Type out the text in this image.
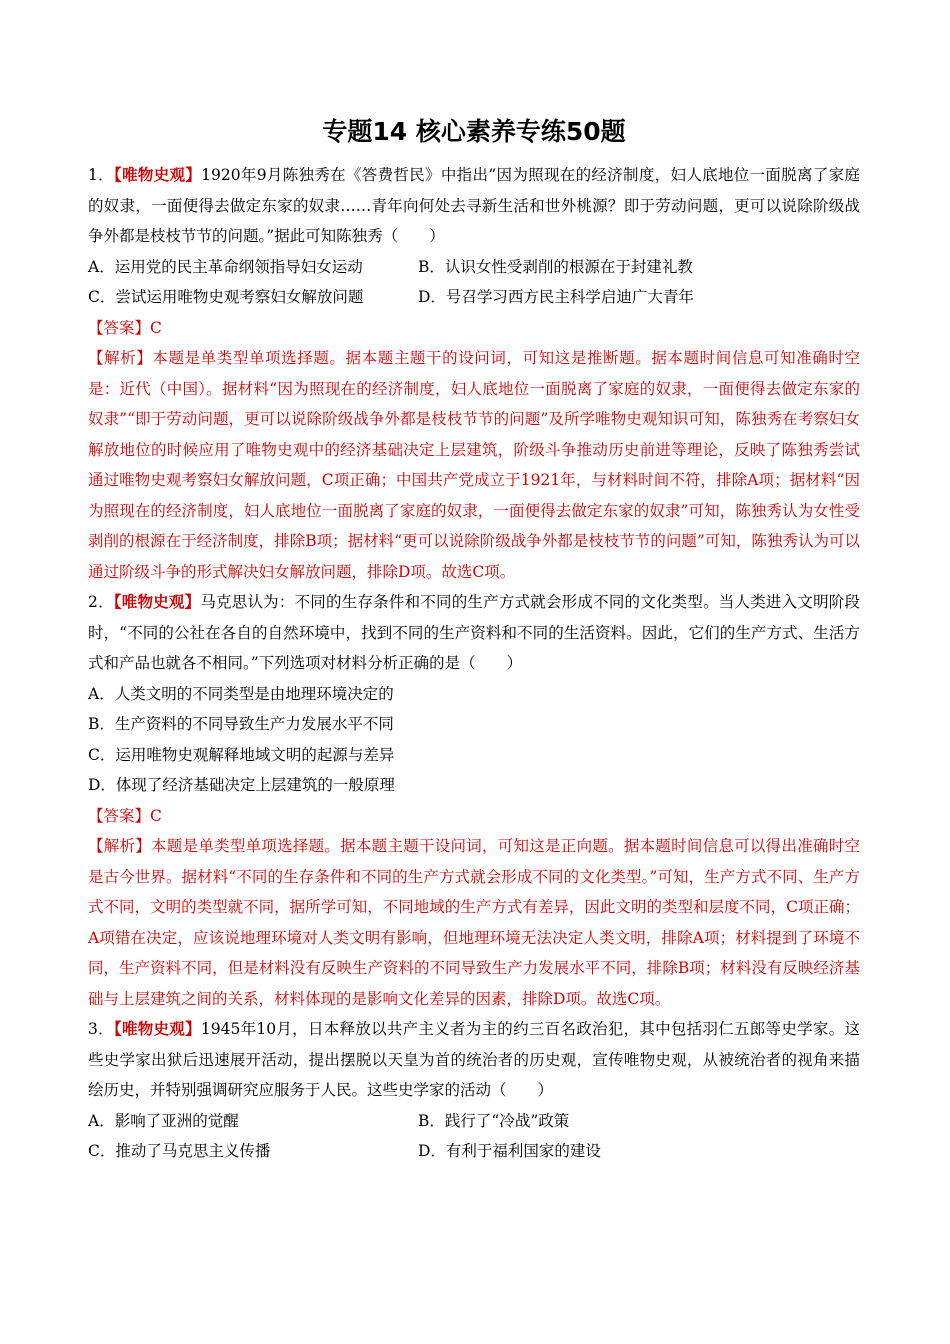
专题14 核心素养专练50题

1．【唯物史观】1920年9月陈独秀在《答费哲民》中指出“因为照现在的经济制度，妇人底地位一面脱离了家庭的奴隶，一面便得去做定东家的奴隶……青年向何处去寻新生活和世外桃源？即于劳动问题，更可以说除阶级战争外都是枝枝节节的问题。”据此可知陈独秀（　　）

A．运用党的民主革命纲领指导妇女运动	B．认识女性受剥削的根源在于封建礼教
C．尝试运用唯物史观考察妇女解放问题	D．号召学习西方民主科学启迪广大青年
【答案】C

【解析】本题是单类型单项选择题。据本题主题干的设问词，可知这是推断题。据本题时间信息可知准确时空是：近代（中国）。据材料“因为照现在的经济制度，妇人底地位一面脱离了家庭的奴隶，一面便得去做定东家的奴隶”“即于劳动问题，更可以说除阶级战争外都是枝枝节节的问题”及所学唯物史观知识可知，陈独秀在考察妇女解放地位的时候应用了唯物史观中的经济基础决定上层建筑，阶级斗争推动历史前进等理论，反映了陈独秀尝试通过唯物史观考察妇女解放问题，C项正确；中国共产党成立于1921年，与材料时间不符，排除A项；据材料“因为照现在的经济制度，妇人底地位一面脱离了家庭的奴隶，一面便得去做定东家的奴隶”可知，陈独秀认为女性受剥削的根源在于经济制度，排除B项；据材料“更可以说除阶级战争外都是枝枝节节的问题”可知，陈独秀认为可以通过阶级斗争的形式解决妇女解放问题，排除D项。故选C项。

2．【唯物史观】马克思认为：不同的生存条件和不同的生产方式就会形成不同的文化类型。当人类进入文明阶段时，“不同的公社在各自的自然环境中，找到不同的生产资料和不同的生活资料。因此，它们的生产方式、生活方式和产品也就各不相同。”下列选项对材料分析正确的是（　　）

A．人类文明的不同类型是由地理环境决定的
B．生产资料的不同导致生产力发展水平不同
C．运用唯物史观解释地域文明的起源与差异
D．体现了经济基础决定上层建筑的一般原理
【答案】C

【解析】本题是单类型单项选择题。据本题主题干设问词，可知这是正向题。据本题时间信息可以得出准确时空是古今世界。据材料“不同的生存条件和不同的生产方式就会形成不同的文化类型。”可知，生产方式不同、生产方式不同，文明的类型就不同，据所学可知，不同地域的生产方式有差异，因此文明的类型和层度不同，C项正确；A项错在决定，应该说地理环境对人类文明有影响，但地理环境无法决定人类文明，排除A项；材料提到了环境不同，生产资料不同，但是材料没有反映生产资料的不同导致生产力发展水平不同，排除B项；材料没有反映经济基础与上层建筑之间的关系，材料体现的是影响文化差异的因素，排除D项。故选C项。

3．【唯物史观】1945年10月，日本释放以共产主义者为主的约三百名政治犯，其中包括羽仁五郎等史学家。这些史学家出狱后迅速展开活动，提出摆脱以天皇为首的统治者的历史观，宣传唯物史观，从被统治者的视角来描绘历史，并特别强调研究应服务于人民。这些史学家的活动（　　）

A．影响了亚洲的觉醒	B．践行了“冷战”政策
C．推动了马克思主义传播	D．有利于福利国家的建设
